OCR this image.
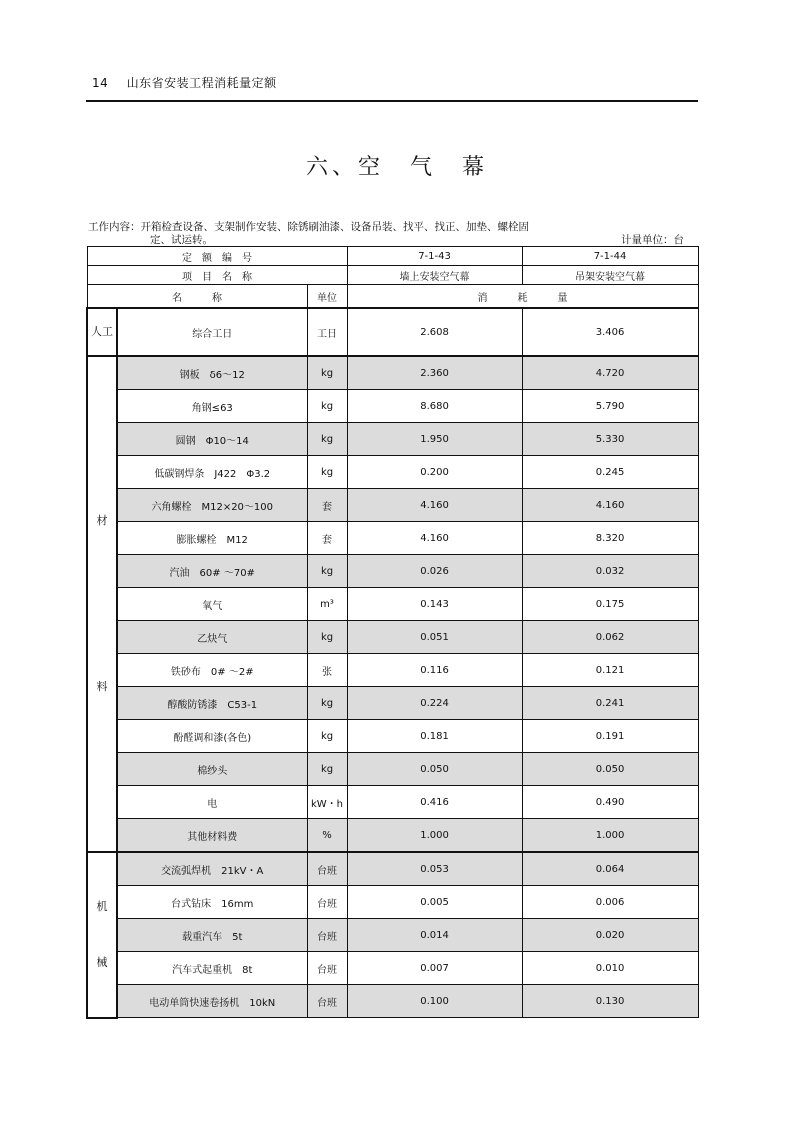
14 山东省安装工程消耗量定额
六、空　气　幕
工作内容：开箱检查设备、支架制作安装、除锈刷油漆、设备吊装、找平、找正、加垫、螺栓固
定、试运转。	计量单位：台
定　额　编　号			7-1-43	7-1-44
项　目　名　称			墙上安装空气幕	吊架安装空气幕
名　　　称		单位	消　　　耗　　　量	

人工	综合工日	工日	2.608	3.406

材
料	钢板　δ6～12	kg	2.360	4.720
	角钢≤63	kg	8.680	5.790
	圆钢　Φ10～14	kg	1.950	5.330
	低碳钢焊条　J422　Φ3.2	kg	0.200	0.245
	六角螺栓　M12×20～100	套	4.160	4.160
	膨胀螺栓　M12	套	4.160	8.320
	汽油　60# ～70#	kg	0.026	0.032
	氧气	m³	0.143	0.175
	乙炔气	kg	0.051	0.062
	铁砂布　0# ～2#	张	0.116	0.121
	醇酸防锈漆　C53-1	kg	0.224	0.241
	酚醛调和漆(各色)	kg	0.181	0.191
	棉纱头	kg	0.050	0.050
	电	kW・h	0.416	0.490
	其他材料费	%	1.000	1.000

机
械	交流弧焊机　21kV・A	台班	0.053	0.064
	台式钻床　16mm	台班	0.005	0.006
	载重汽车　5t	台班	0.014	0.020
	汽车式起重机　8t	台班	0.007	0.010
	电动单筒快速卷扬机　10kN	台班	0.100	0.130
